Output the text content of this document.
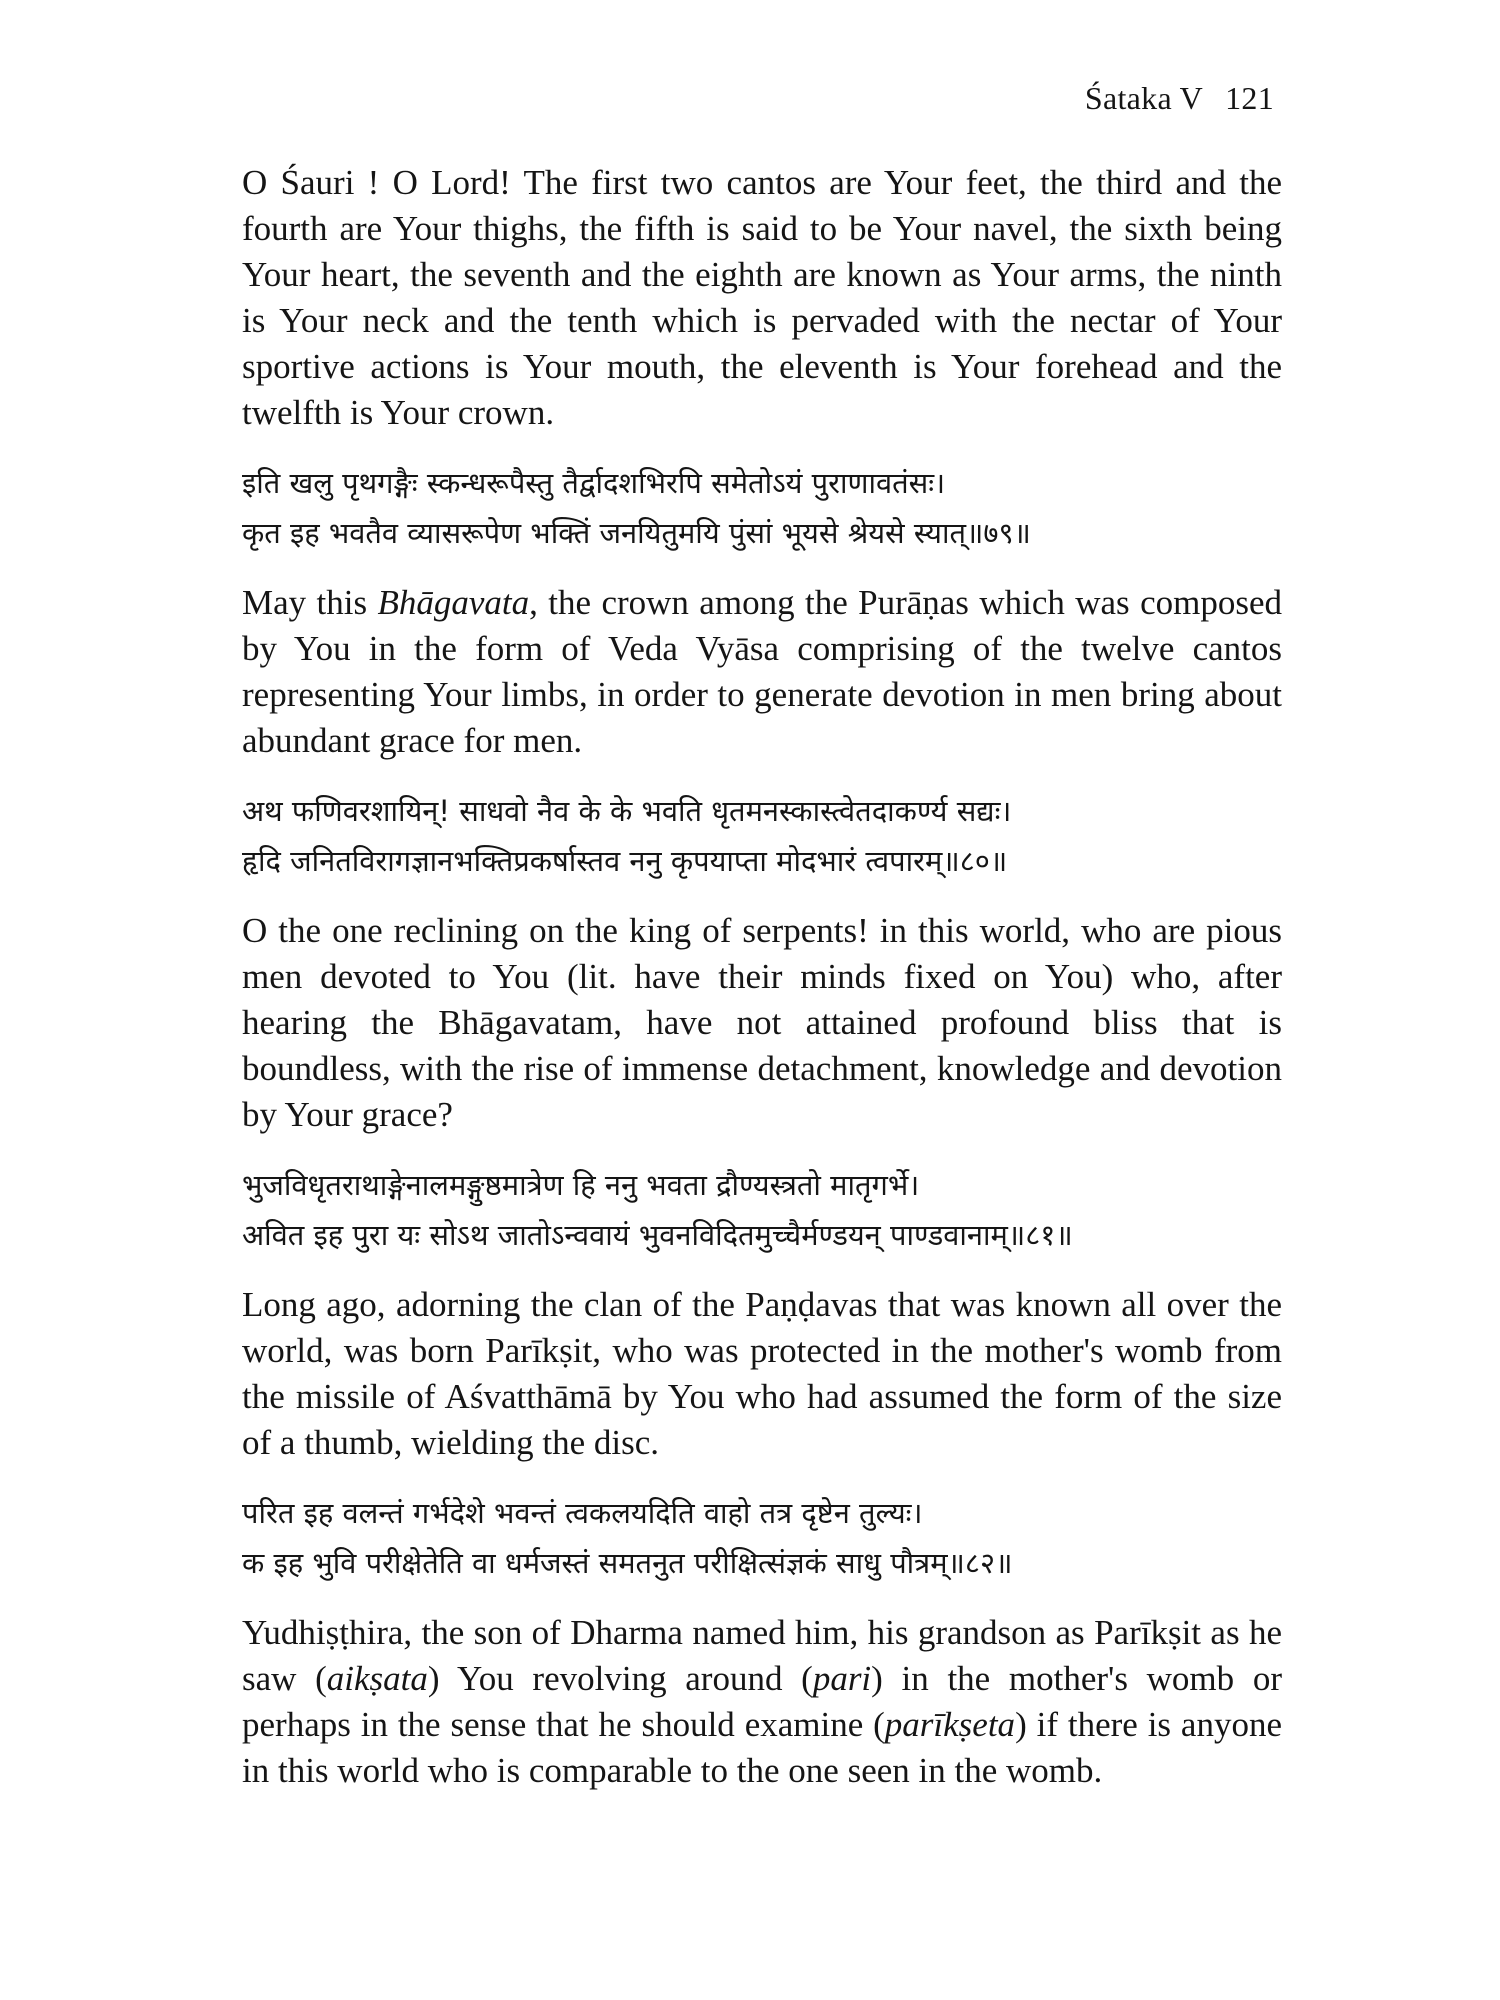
Śataka V 121

O Śauri ! O Lord! The first two cantos are Your feet, the third and the fourth are Your thighs, the fifth is said to be Your navel, the sixth being Your heart, the seventh and the eighth are known as Your arms, the ninth is Your neck and the tenth which is pervaded with the nectar of Your sportive actions is Your mouth, the eleventh is Your forehead and the twelfth is Your crown.

इति खलु पृथगङ्गैः स्कन्धरूपैस्तु तैर्द्वादशभिरपि समेतोऽयं पुराणावतंसः।
कृत इह भवतैव व्यासरूपेण भक्तिं जनयितुमयि पुंसां भूयसे श्रेयसे स्यात्॥७९॥

May this Bhāgavata, the crown among the Purāṇas which was composed by You in the form of Veda Vyāsa comprising of the twelve cantos representing Your limbs, in order to generate devotion in men bring about abundant grace for men.

अथ फणिवरशायिन्! साधवो नैव के के भवति धृतमनस्कास्त्वेतदाकर्ण्य सद्यः।
हृदि जनितविरागज्ञानभक्तिप्रकर्षास्तव ननु कृपयाप्ता मोदभारं त्वपारम्॥८०॥

O the one reclining on the king of serpents! in this world, who are pious men devoted to You (lit. have their minds fixed on You) who, after hearing the Bhāgavatam, have not attained profound bliss that is boundless, with the rise of immense detachment, knowledge and devotion by Your grace?

भुजविधृतराथाङ्गेनालमङ्गुष्ठमात्रेण हि ननु भवता द्रौण्यस्त्रतो मातृगर्भे।
अवित इह पुरा यः सोऽथ जातोऽन्ववायं भुवनविदितमुच्चैर्मण्डयन् पाण्डवानाम्॥८१॥

Long ago, adorning the clan of the Paṇḍavas that was known all over the world, was born Parīkṣit, who was protected in the mother's womb from the missile of Aśvatthāmā by You who had assumed the form of the size of a thumb, wielding the disc.

परित इह वलन्तं गर्भदेशे भवन्तं त्वकलयदिति वाहो तत्र दृष्टेन तुल्यः।
क इह भुवि परीक्षेतेति वा धर्मजस्तं समतनुत परीक्षित्संज्ञकं साधु पौत्रम्॥८२॥

Yudhiṣṭhira, the son of Dharma named him, his grandson as Parīkṣit as he saw (aikṣata) You revolving around (pari) in the mother's womb or perhaps in the sense that he should examine (parīkṣeta) if there is anyone in this world who is comparable to the one seen in the womb.
